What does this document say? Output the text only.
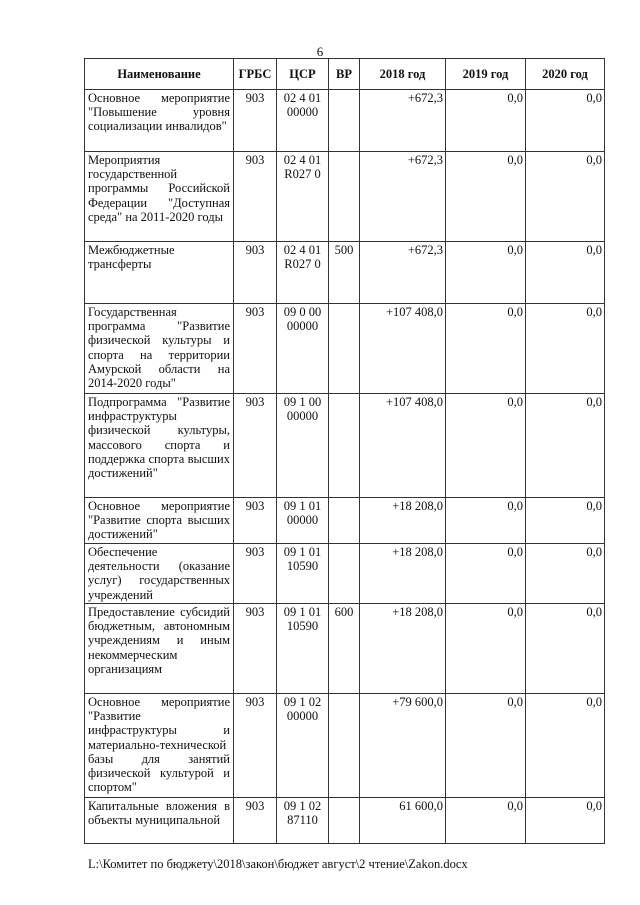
6
Наименование	ГРБС	ЦСР	ВР	2018 год	2019 год	2020 год
Основное мероприятие "Повышение уровня социализации инвалидов"	903	02 4 01 00000		+672,3	0,0	0,0
Мероприятия государственной программы Российской Федерации "Доступная среда" на 2011-2020 годы	903	02 4 01 R027 0		+672,3	0,0	0,0
Межбюджетные трансферты	903	02 4 01 R027 0	500	+672,3	0,0	0,0
Государственная программа "Развитие физической культуры и спорта на территории Амурской области на 2014-2020 годы"	903	09 0 00 00000		+107 408,0	0,0	0,0
Подпрограмма "Развитие инфраструктуры физической культуры, массового спорта и поддержка спорта высших достижений"	903	09 1 00 00000		+107 408,0	0,0	0,0
Основное мероприятие "Развитие спорта высших достижений"	903	09 1 01 00000		+18 208,0	0,0	0,0
Обеспечение деятельности (оказание услуг) государственных учреждений	903	09 1 01 10590		+18 208,0	0,0	0,0
Предоставление субсидий бюджетным, автономным учреждениям и иным некоммерческим организациям	903	09 1 01 10590	600	+18 208,0	0,0	0,0
Основное мероприятие "Развитие инфраструктуры и материально-технической базы для занятий физической культурой и спортом"	903	09 1 02 00000		+79 600,0	0,0	0,0
Капитальные вложения в объекты муниципальной	903	09 1 02 87110		61 600,0	0,0	0,0
L:\Комитет по бюджету\2018\закон\бюджет август\2 чтение\Zakon.docx
